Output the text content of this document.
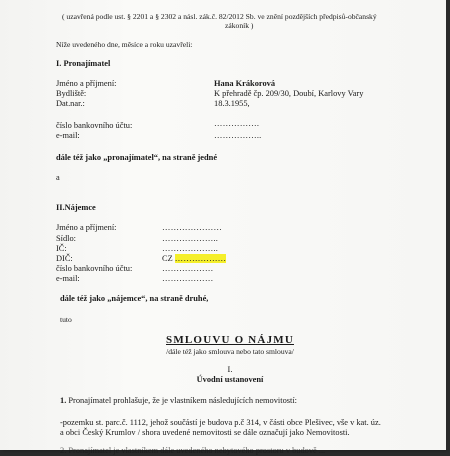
( uzavřená podle ust. § 2201 a § 2302 a násl. zák.č. 82/2012 Sb. ve znění pozdějších předpisů-občanský
zákoník )
Níže uvedeného dne, měsíce a roku uzavřeli:
I. Pronajímatel
Jméno a příjmení:	Hana Krákorová
Bydliště:	K přehradě čp. 209/30, Doubí, Karlovy Vary
Dat.nar.:	18.3.1955,
číslo bankovního účtu:	…………….
e-mail:	……………..
dále též jako „pronajímatel“, na straně jedné
a
II.Nájemce
Jméno a příjmení:	…………………
Sídlo:	………………..
IČ:	………………..
DIČ:	CZ ………………
číslo bankovního účtu:	………………
e-mail:	………………
dále též jako „nájemce“, na straně druhé,
tuto
SMLOUVU O NÁJMU
/dále též jako smlouva nebo tato smlouva/
I.
Úvodní ustanovení
1. Pronajímatel prohlašuje, že je vlastníkem následujících nemovitostí:
-pozemku st. parc.č. 1112, jehož součástí je budova p.č 314, v části obce Plešivec, vše v kat. úz.
a obci Český Krumlov / shora uvedené nemovitosti se dále označují jako Nemovitosti.
2. Pronajímatel je vlastníkem dále uvedeného nebytového prostoru v budově ...
